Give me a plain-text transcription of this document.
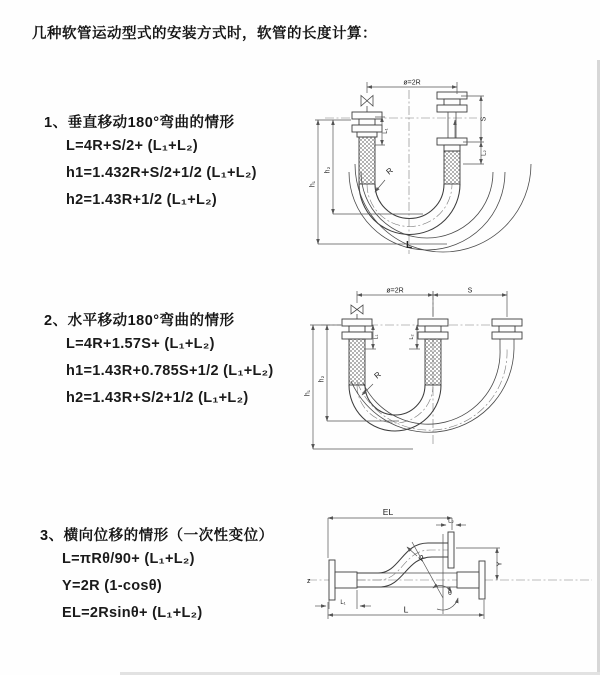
几种软管运动型式的安装方式时，软管的长度计算：
1、垂直移动180°弯曲的情形
L=4R+S/2+ (L₁+L₂)
h1=1.432R+S/2+1/2 (L₁+L₂)
h2=1.43R+1/2 (L₁+L₂)
2、水平移动180°弯曲的情形
L=4R+1.57S+ (L₁+L₂)
h1=1.43R+0.785S+1/2 (L₁+L₂)
h2=1.43R+S/2+1/2 (L₁+L₂)
3、横向位移的情形（一次性变位）
L=πRθ/90+ (L₁+L₂)
Y=2R (1-cosθ)
EL=2Rsinθ+ (L₁+L₂)
ø=2R
h₁
h₂
L₁
S
L₂
R
L
ø=2R	S
h₁
h₂
L₁	L₂
R
z
θ
EL
L₂
Y
L₁
L
R
